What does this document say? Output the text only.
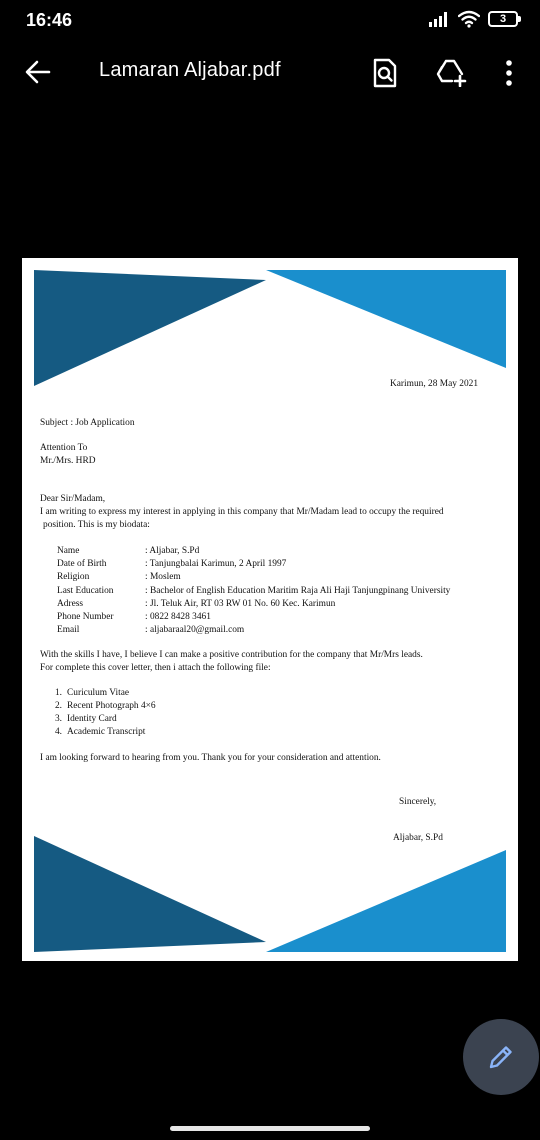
16:46	3
Lamaran Aljabar.pdf
Karimun, 28 May 2021
Subject : Job Application
Attention To
Mr./Mrs. HRD
Dear Sir/Madam,
I am writing to express my interest in applying in this company that Mr/Madam lead to occupy the required
position. This is my biodata:
Name	: Aljabar, S.Pd
Date of Birth	: Tanjungbalai Karimun, 2 April 1997
Religion	: Moslem
Last Education	: Bachelor of English Education Maritim Raja Ali Haji Tanjungpinang University
Adress	: Jl. Teluk Air, RT 03 RW 01 No. 60 Kec. Karimun
Phone Number	: 0822 8428 3461
Email	: aljabaraal20@gmail.com
With the skills I have, I believe I can make a positive contribution for the company that Mr/Mrs leads.
For complete this cover letter, then i attach the following file:
1. Curiculum Vitae
2. Recent Photograph 4×6
3. Identity Card
4. Academic Transcript
I am looking forward to hearing from you. Thank you for your consideration and attention.
Sincerely,
Aljabar, S.Pd
